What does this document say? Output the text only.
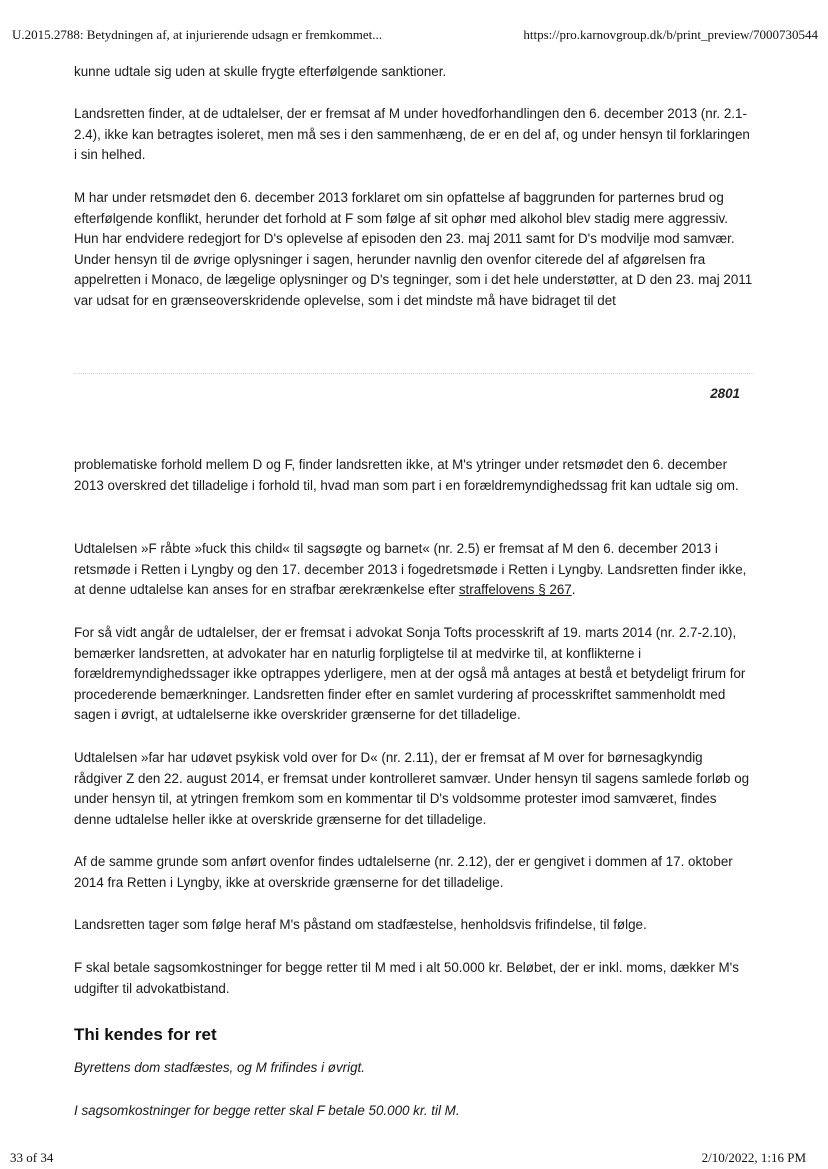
U.2015.2788: Betydningen af, at injurierende udsagn er fremkommet...	https://pro.karnovgroup.dk/b/print_preview/7000730544

kunne udtale sig uden at skulle frygte efterfølgende sanktioner.

Landsretten finder, at de udtalelser, der er fremsat af M under hovedforhandlingen den 6. december 2013 (nr. 2.1-2.4), ikke kan betragtes isoleret, men må ses i den sammenhæng, de er en del af, og under hensyn til forklaringen i sin helhed.

M har under retsmødet den 6. december 2013 forklaret om sin opfattelse af baggrunden for parternes brud og efterfølgende konflikt, herunder det forhold at F som følge af sit ophør med alkohol blev stadig mere aggressiv. Hun har endvidere redegjort for D's oplevelse af episoden den 23. maj 2011 samt for D's modvilje mod samvær. Under hensyn til de øvrige oplysninger i sagen, herunder navnlig den ovenfor citerede del af afgørelsen fra appelretten i Monaco, de lægelige oplysninger og D's tegninger, som i det hele understøtter, at D den 23. maj 2011 var udsat for en grænseoverskridende oplevelse, som i det mindste må have bidraget til det

2801

problematiske forhold mellem D og F, finder landsretten ikke, at M's ytringer under retsmødet den 6. december 2013 overskred det tilladelige i forhold til, hvad man som part i en forældremyndighedssag frit kan udtale sig om.

Udtalelsen »F råbte »fuck this child« til sagsøgte og barnet« (nr. 2.5) er fremsat af M den 6. december 2013 i retsmøde i Retten i Lyngby og den 17. december 2013 i fogedretsmøde i Retten i Lyngby. Landsretten finder ikke, at denne udtalelse kan anses for en strafbar ærekrænkelse efter straffelovens § 267.

For så vidt angår de udtalelser, der er fremsat i advokat Sonja Tofts processkrift af 19. marts 2014 (nr. 2.7-2.10), bemærker landsretten, at advokater har en naturlig forpligtelse til at medvirke til, at konflikterne i forældremyndighedssager ikke optrappes yderligere, men at der også må antages at bestå et betydeligt frirum for procederende bemærkninger. Landsretten finder efter en samlet vurdering af processkriftet sammenholdt med sagen i øvrigt, at udtalelserne ikke overskrider grænserne for det tilladelige.

Udtalelsen »far har udøvet psykisk vold over for D« (nr. 2.11), der er fremsat af M over for børnesagkyndig rådgiver Z den 22. august 2014, er fremsat under kontrolleret samvær. Under hensyn til sagens samlede forløb og under hensyn til, at ytringen fremkom som en kommentar til D's voldsomme protester imod samværet, findes denne udtalelse heller ikke at overskride grænserne for det tilladelige.

Af de samme grunde som anført ovenfor findes udtalelserne (nr. 2.12), der er gengivet i dommen af 17. oktober 2014 fra Retten i Lyngby, ikke at overskride grænserne for det tilladelige.

Landsretten tager som følge heraf M's påstand om stadfæstelse, henholdsvis frifindelse, til følge.

F skal betale sagsomkostninger for begge retter til M med i alt 50.000 kr. Beløbet, der er inkl. moms, dækker M's udgifter til advokatbistand.

Thi kendes for ret

Byrettens dom stadfæstes, og M frifindes i øvrigt.

I sagsomkostninger for begge retter skal F betale 50.000 kr. til M.

33 of 34	2/10/2022, 1:16 PM
